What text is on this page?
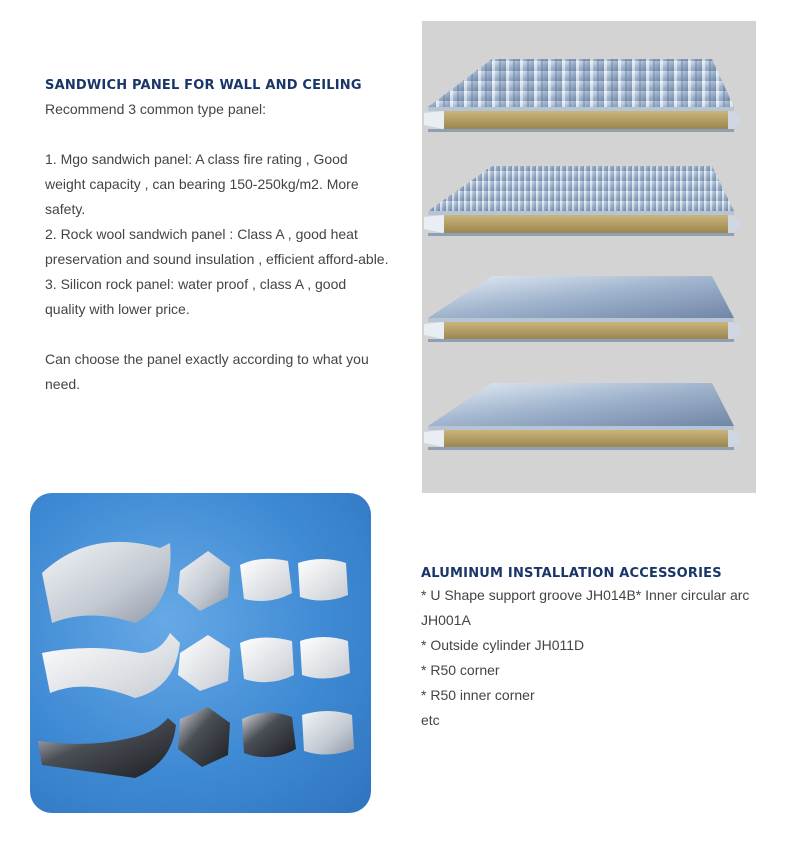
SANDWICH PANEL FOR WALL AND CEILING

Recommend 3 common type panel:

1. Mgo sandwich panel: A class fire rating , Good weight capacity , can bearing 150-250kg/m2. More safety.

2. Rock wool sandwich panel : Class A , good heat preservation and sound insulation , efficient afford-able.

3. Silicon rock panel: water proof , class A , good quality with lower price.

Can choose the panel exactly according to what you need.

ALUMINUM INSTALLATION ACCESSORIES

* U Shape support groove JH014B* Inner circular arc JH001A

* Outside cylinder JH011D

* R50 corner

* R50 inner corner

etc
